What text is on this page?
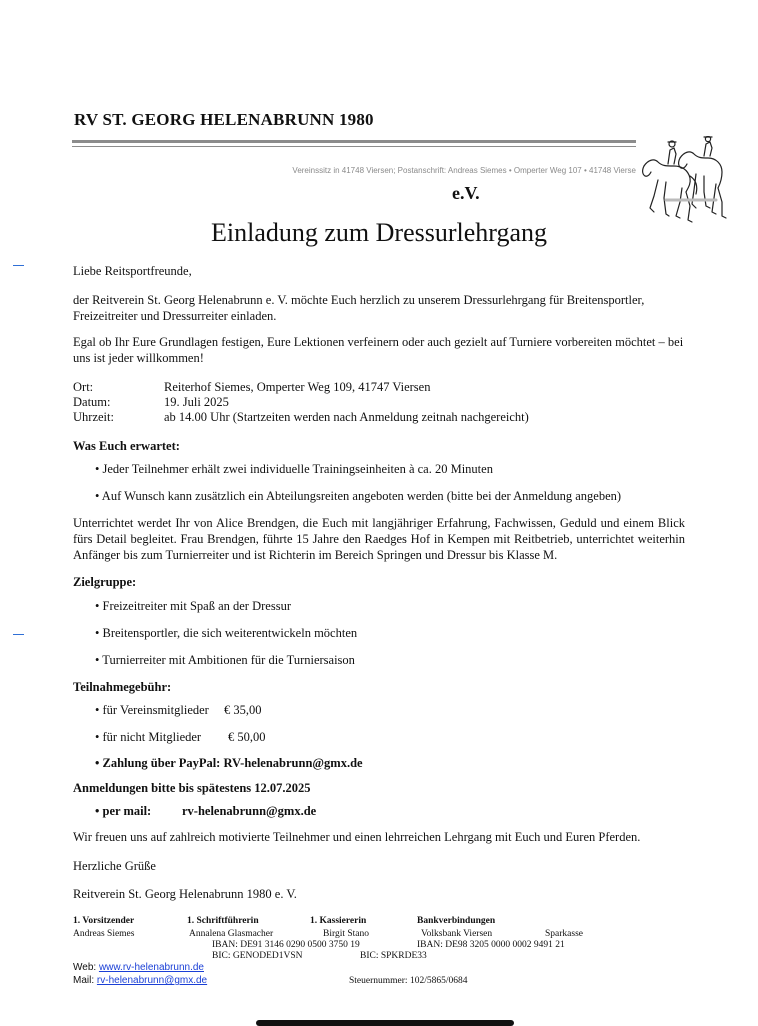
RV ST. GEORG HELENABRUNN 1980
Vereinssitz in 41748 Viersen; Postanschrift: Andreas Siemes • Omperter Weg 107 • 41748 Vierse
e.V.
Einladung zum Dressurlehrgang
Liebe Reitsportfreunde,
der Reitverein St. Georg Helenabrunn e. V. möchte Euch herzlich zu unserem Dressurlehrgang für Breitensportler, Freizeitreiter und Dressurreiter einladen.
Egal ob Ihr Eure Grundlagen festigen, Eure Lektionen verfeinern oder auch gezielt auf Turniere vorbereiten möchtet – bei uns ist jeder willkommen!
Ort:	Reiterhof Siemes, Omperter Weg 109, 41747 Viersen
Datum:	19. Juli 2025
Uhrzeit:	ab 14.00 Uhr (Startzeiten werden nach Anmeldung zeitnah nachgereicht)
Was Euch erwartet:
• Jeder Teilnehmer erhält zwei individuelle Trainingseinheiten à ca. 20 Minuten
• Auf Wunsch kann zusätzlich ein Abteilungsreiten angeboten werden (bitte bei der Anmeldung angeben)
Unterrichtet werdet Ihr von Alice Brendgen, die Euch mit langjähriger Erfahrung, Fachwissen, Geduld und einem Blick fürs Detail begleitet. Frau Brendgen, führte 15 Jahre den Raedges Hof in Kempen mit Reitbetrieb, unterrichtet weiterhin Anfänger bis zum Turnierreiter und ist Richterin im Bereich Springen und Dressur bis Klasse M.
Zielgruppe:
• Freizeitreiter mit Spaß an der Dressur
• Breitensportler, die sich weiterentwickeln möchten
• Turnierreiter mit Ambitionen für die Turniersaison
Teilnahmegebühr:
• für Vereinsmitglieder € 35,00
• für nicht Mitglieder € 50,00
• Zahlung über PayPal: RV-helenabrunn@gmx.de
Anmeldungen bitte bis spätestens 12.07.2025
• per mail: rv-helenabrunn@gmx.de
Wir freuen uns auf zahlreich motivierte Teilnehmer und einen lehrreichen Lehrgang mit Euch und Euren Pferden.
Herzliche Grüße
Reitverein St. Georg Helenabrunn 1980 e. V.
1. Vorsitzender	1. Schriftführerin	1. Kassiererin	Bankverbindungen
Andreas Siemes	Annalena Glasmacher	Birgit Stano	Volksbank Viersen	Sparkasse
IBAN: DE91 3146 0290 0500 3750 19	IBAN: DE98 3205 0000 0002 9491 21
BIC: GENODED1VSN	BIC: SPKRDE33
Web: www.rv-helenabrunn.de
Mail: rv-helenabrunn@gmx.de	Steuernummer: 102/5865/0684
